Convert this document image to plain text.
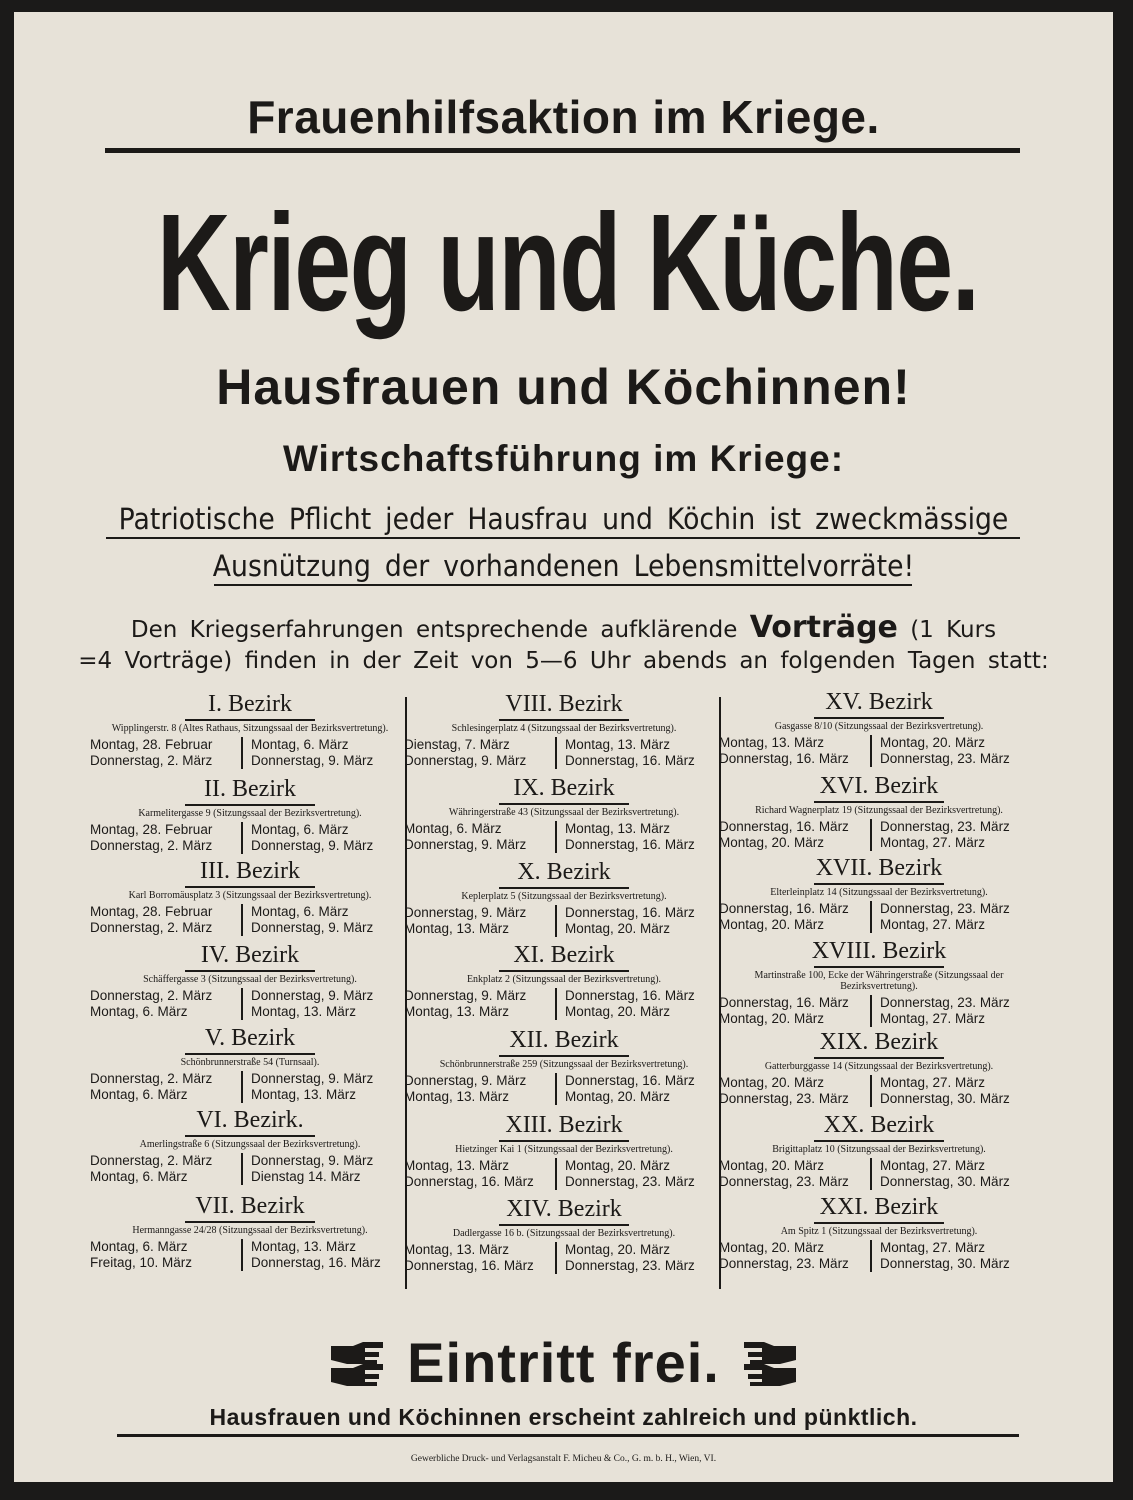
Frauenhilfsaktion im Kriege.
Krieg und Küche.
Hausfrauen und Köchinnen!
Wirtschaftsführung im Kriege:
Patriotische Pflicht jeder Hausfrau und Köchin ist zweckmässige
Ausnützung der vorhandenen Lebensmittelvorräte!
Den Kriegserfahrungen entsprechende aufklärende Vorträge (1 Kurs
=4 Vorträge) finden in der Zeit von 5—6 Uhr abends an folgenden Tagen statt:
I. Bezirk
Wipplingerstr. 8 (Altes Rathaus, Sitzungssaal der Bezirksvertretung).
Montag, 28. Februar
Donnerstag, 2. März
Montag, 6. März
Donnerstag, 9. März
II. Bezirk
Karmelitergasse 9 (Sitzungssaal der Bezirksvertretung).
Montag, 28. Februar
Donnerstag, 2. März
Montag, 6. März
Donnerstag, 9. März
III. Bezirk
Karl Borromäusplatz 3 (Sitzungssaal der Bezirksvertretung).
Montag, 28. Februar
Donnerstag, 2. März
Montag, 6. März
Donnerstag, 9. März
IV. Bezirk
Schäffergasse 3 (Sitzungssaal der Bezirksvertretung).
Donnerstag, 2. März
Montag, 6. März
Donnerstag, 9. März
Montag, 13. März
V. Bezirk
Schönbrunnerstraße 54 (Turnsaal).
Donnerstag, 2. März
Montag, 6. März
Donnerstag, 9. März
Montag, 13. März
VI. Bezirk.
Amerlingstraße 6 (Sitzungssaal der Bezirksvertretung).
Donnerstag, 2. März
Montag, 6. März
Donnerstag, 9. März
Dienstag 14. März
VII. Bezirk
Hermanngasse 24/28 (Sitzungssaal der Bezirksvertretung).
Montag, 6. März
Freitag, 10. März
Montag, 13. März
Donnerstag, 16. März
VIII. Bezirk
Schlesingerplatz 4 (Sitzungssaal der Bezirksvertretung).
Dienstag, 7. März
Donnerstag, 9. März
Montag, 13. März
Donnerstag, 16. März
IX. Bezirk
Währingerstraße 43 (Sitzungssaal der Bezirksvertretung).
Montag, 6. März
Donnerstag, 9. März
Montag, 13. März
Donnerstag, 16. März
X. Bezirk
Keplerplatz 5 (Sitzungssaal der Bezirksvertretung).
Donnerstag, 9. März
Montag, 13. März
Donnerstag, 16. März
Montag, 20. März
XI. Bezirk
Enkplatz 2 (Sitzungssaal der Bezirksvertretung).
Donnerstag, 9. März
Montag, 13. März
Donnerstag, 16. März
Montag, 20. März
XII. Bezirk
Schönbrunnerstraße 259 (Sitzungssaal der Bezirksvertretung).
Donnerstag, 9. März
Montag, 13. März
Donnerstag, 16. März
Montag, 20. März
XIII. Bezirk
Hietzinger Kai 1 (Sitzungssaal der Bezirksvertretung).
Montag, 13. März
Donnerstag, 16. März
Montag, 20. März
Donnerstag, 23. März
XIV. Bezirk
Dadlergasse 16 b. (Sitzungssaal der Bezirksvertretung).
Montag, 13. März
Donnerstag, 16. März
Montag, 20. März
Donnerstag, 23. März
XV. Bezirk
Gasgasse 8/10 (Sitzungssaal der Bezirksvertretung).
Montag, 13. März
Donnerstag, 16. März
Montag, 20. März
Donnerstag, 23. März
XVI. Bezirk
Richard Wagnerplatz 19 (Sitzungssaal der Bezirksvertretung).
Donnerstag, 16. März
Montag, 20. März
Donnerstag, 23. März
Montag, 27. März
XVII. Bezirk
Elterleinplatz 14 (Sitzungssaal der Bezirksvertretung).
Donnerstag, 16. März
Montag, 20. März
Donnerstag, 23. März
Montag, 27. März
XVIII. Bezirk
Martinstraße 100, Ecke der Währingerstraße (Sitzungssaal der Bezirksvertretung).
Donnerstag, 16. März
Montag, 20. März
Donnerstag, 23. März
Montag, 27. März
XIX. Bezirk
Gatterburggasse 14 (Sitzungssaal der Bezirksvertretung).
Montag, 20. März
Donnerstag, 23. März
Montag, 27. März
Donnerstag, 30. März
XX. Bezirk
Brigittaplatz 10 (Sitzungssaal der Bezirksvertretung).
Montag, 20. März
Donnerstag, 23. März
Montag, 27. März
Donnerstag, 30. März
XXI. Bezirk
Am Spitz 1 (Sitzungssaal der Bezirksvertretung).
Montag, 20. März
Donnerstag, 23. März
Montag, 27. März
Donnerstag, 30. März
Eintritt frei.
Hausfrauen und Köchinnen erscheint zahlreich und pünktlich.
Gewerbliche Druck- und Verlagsanstalt F. Micheu & Co., G. m. b. H., Wien, VI.
